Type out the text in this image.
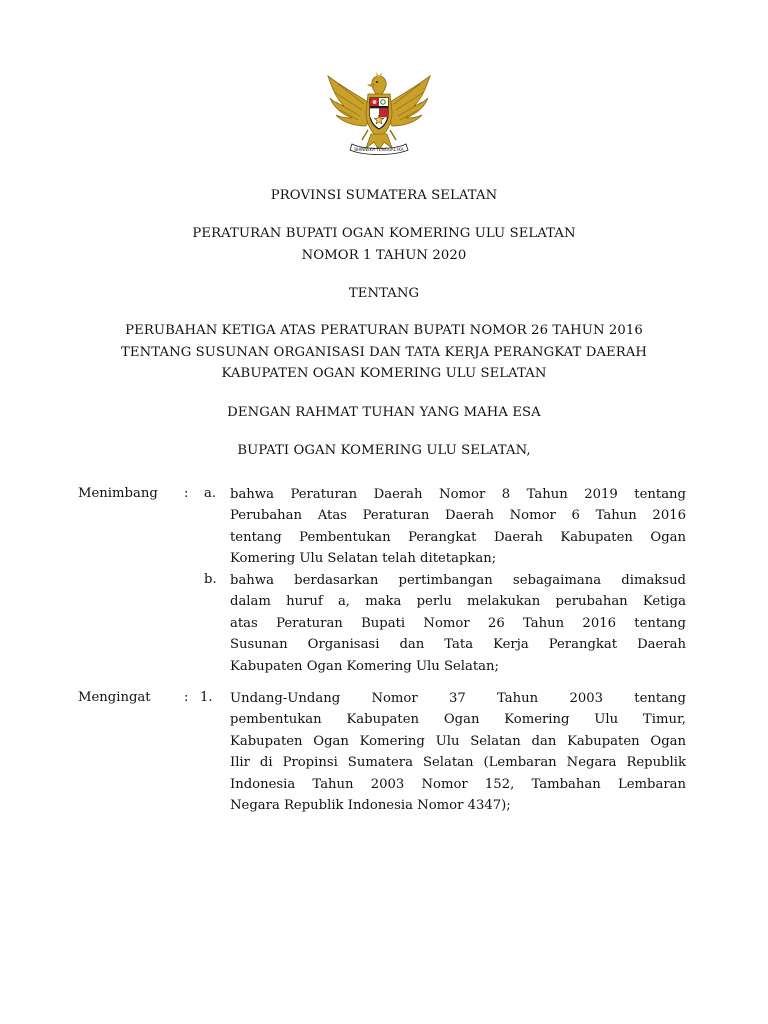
BHINNEKA TUNGGAL IKA
PROVINSI SUMATERA SELATAN
PERATURAN BUPATI OGAN KOMERING ULU SELATAN
NOMOR 1 TAHUN 2020
TENTANG
PERUBAHAN KETIGA ATAS PERATURAN BUPATI NOMOR 26 TAHUN 2016
TENTANG SUSUNAN ORGANISASI DAN TATA KERJA PERANGKAT DAERAH
KABUPATEN OGAN KOMERING ULU SELATAN
DENGAN RAHMAT TUHAN YANG MAHA ESA
BUPATI OGAN KOMERING ULU SELATAN,
Menimbang : a. bahwa Peraturan Daerah Nomor 8 Tahun 2019 tentang
Perubahan Atas Peraturan Daerah Nomor 6 Tahun 2016
tentang Pembentukan Perangkat Daerah Kabupaten Ogan
Komering Ulu Selatan telah ditetapkan;
b. bahwa berdasarkan pertimbangan sebagaimana dimaksud
dalam huruf a, maka perlu melakukan perubahan Ketiga
atas Peraturan Bupati Nomor 26 Tahun 2016 tentang
Susunan Organisasi dan Tata Kerja Perangkat Daerah
Kabupaten Ogan Komering Ulu Selatan;
Mengingat	: 1. Undang-Undang Nomor 37 Tahun 2003 tentang
pembentukan Kabupaten Ogan Komering Ulu Timur,
Kabupaten Ogan Komering Ulu Selatan dan Kabupaten Ogan
Ilir di Propinsi Sumatera Selatan (Lembaran Negara Republik
Indonesia Tahun 2003 Nomor 152, Tambahan Lembaran
Negara Republik Indonesia Nomor 4347);
